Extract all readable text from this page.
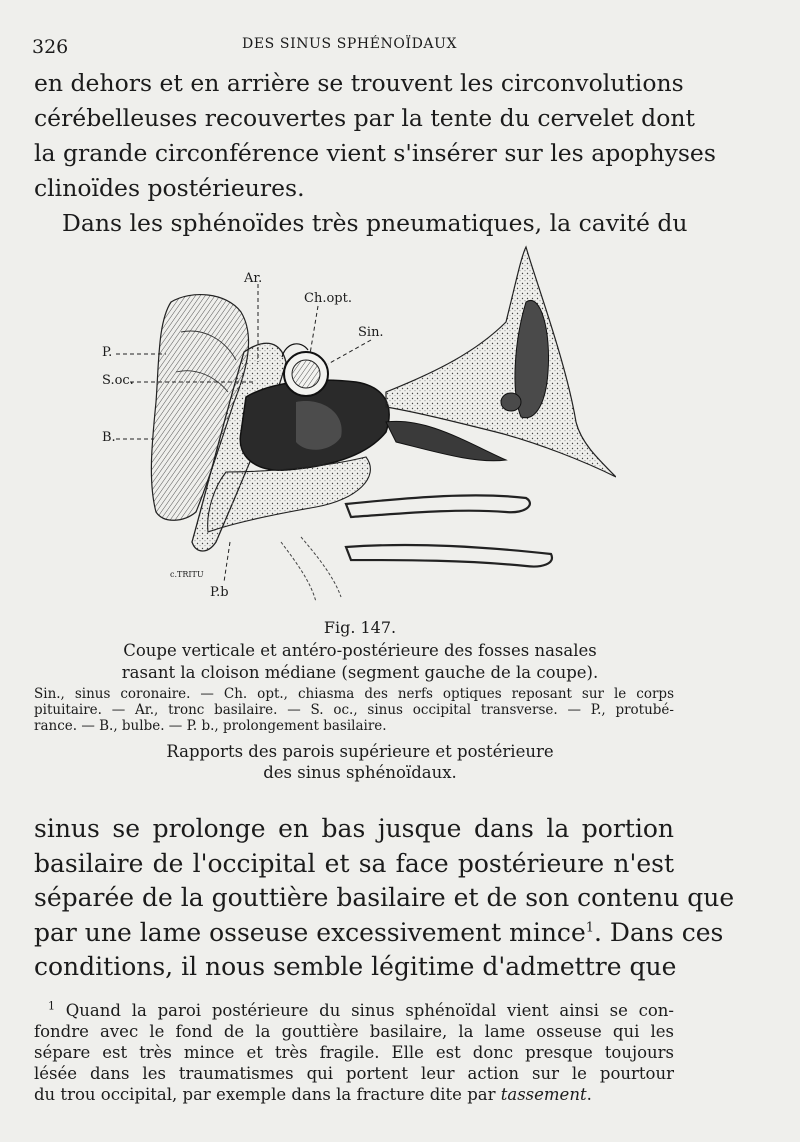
326	DES SINUS SPHÉNOÏDAUX

en dehors et en arrière se trouvent les circonvolutions
cérébelleuses recouvertes par la tente du cervelet dont
la grande circonférence vient s'insérer sur les apophyses
clinoïdes postérieures.
Dans les sphénoïdes très pneumatiques, la cavité du

Ar.
Ch.opt.
Sin.
P.
S.oc.
B.
P.b
c.TRITU
Fig. 147.

Coupe verticale et antéro-postérieure des fosses nasales
rasant la cloison médiane (segment gauche de la coupe).

Sin., sinus coronaire. — Ch. opt., chiasma des nerfs optiques reposant sur le corps
pituitaire. — Ar., tronc basilaire. — S. oc., sinus occipital transverse. — P., protubé-
rance. — B., bulbe. — P. b., prolongement basilaire.

Rapports des parois supérieure et postérieure
des sinus sphénoïdaux.

sinus se prolonge en bas jusque dans la portion
basilaire de l'occipital et sa face postérieure n'est
séparée de la gouttière basilaire et de son contenu que
par une lame osseuse excessivement mince$^1$. Dans ces
conditions, il nous semble légitime d'admettre que

$^1$ Quand la paroi postérieure du sinus sphénoïdal vient ainsi se con-
fondre avec le fond de la gouttière basilaire, la lame osseuse qui les
sépare est très mince et très fragile. Elle est donc presque toujours
lésée dans les traumatismes qui portent leur action sur le pourtour
du trou occipital, par exemple dans la fracture dite par tassement.
